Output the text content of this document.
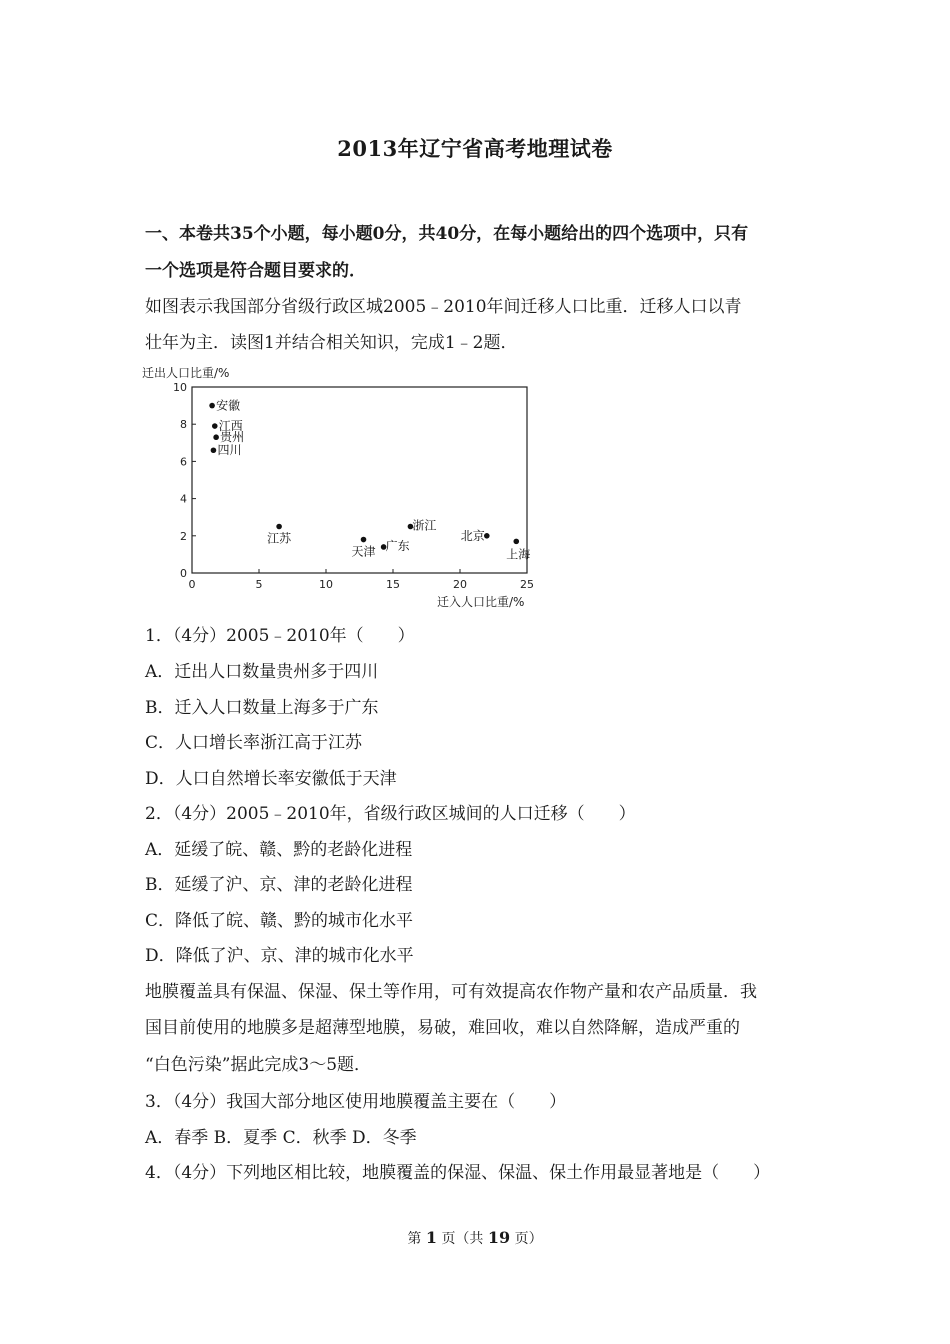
2013年辽宁省高考地理试卷
一、本卷共35个小题，每小题0分，共40分，在每小题给出的四个选项中，只有
一个选项是符合题目要求的．
如图表示我国部分省级行政区城2005﹣2010年间迁移人口比重．迁移人口以青
壮年为主．读图1并结合相关知识，完成1﹣2题．
1．（4分）2005﹣2010年（　　）
A．迁出人口数量贵州多于四川
B．迁入人口数量上海多于广东
C．人口增长率浙江高于江苏
D．人口自然增长率安徽低于天津
2．（4分）2005﹣2010年，省级行政区城间的人口迁移（　　）
A．延缓了皖、赣、黔的老龄化进程
B．延缓了沪、京、津的老龄化进程
C．降低了皖、赣、黔的城市化水平
D．降低了沪、京、津的城市化水平
地膜覆盖具有保温、保湿、保土等作用，可有效提高农作物产量和农产品质量．我
国目前使用的地膜多是超薄型地膜，易破，难回收，难以自然降解，造成严重的
“白色污染”据此完成3～5题．
3．（4分）我国大部分地区使用地膜覆盖主要在（　　）
A．春季 B．夏季 C．秋季 D．冬季
4．（4分）下列地区相比较，地膜覆盖的保湿、保温、保土作用最显著地是（　　）
迁出人口比重/%
迁入人口比重/%
0	5	10	15	20	25
0
2
4
6
8
10
安徽
江西
贵州
四川
江苏
天津 广东
浙江
北京
上海
第 1 页（共 19 页）
